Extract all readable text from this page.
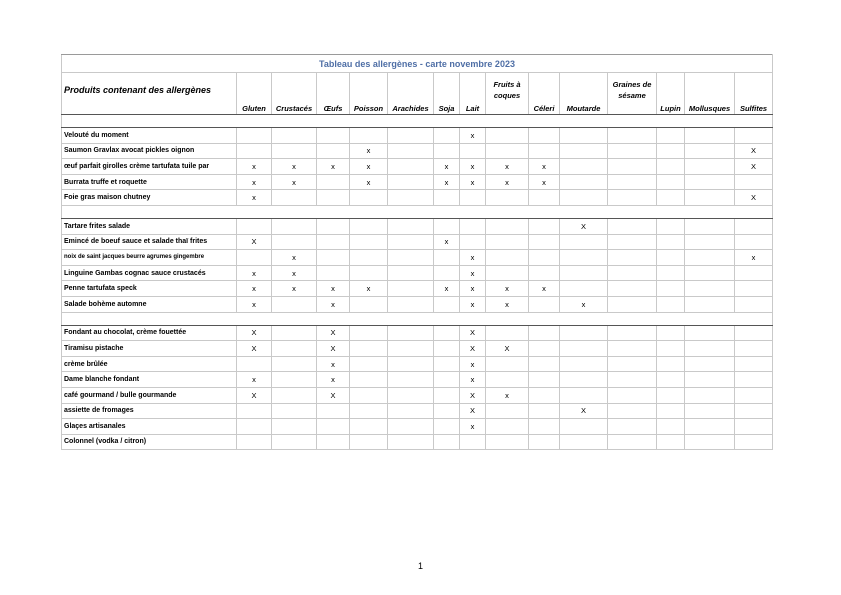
Tableau des allergènes - carte novembre 2023														
Produits contenant des allergènes	Gluten	Crustacés	Œufs	Poisson	Arachides	Soja	Lait	Fruits à coques	Céleri	Moutarde	Graines de sésame	Lupin	Mollusques	Sulfites

Velouté du moment							x							
Saumon Gravlax avocat pickles oignon				x										X
œuf parfait girolles crème tartufata tuile par	x	x	x	x		x	x	x	x					X
Burrata truffe et roquette	x	x		x		x	x	x	x					
Foie gras maison chutney	x													X

Tartare frites salade										X				
Emincé de boeuf sauce et salade thaï frites	X					x								
noix de saint jacques beurre agrumes gingembre		x					x							x
Linguine Gambas cognac sauce crustacés	x	x					x							
Penne tartufata speck	x	x	x	x		x	x	x	x					
Salade bohème automne	x		x				x	x		x				

Fondant au chocolat, crème fouettée	X		X				X							
Tiramisu pistache	X		X				X	X						
crème brûlée			x				x							
Dame blanche fondant	x		x				x							
café gourmand / bulle gourmande	X		X				X	x						
assiette de fromages							X			X				
Glaçes artisanales							x							
Colonnel (vodka / citron)														
1
